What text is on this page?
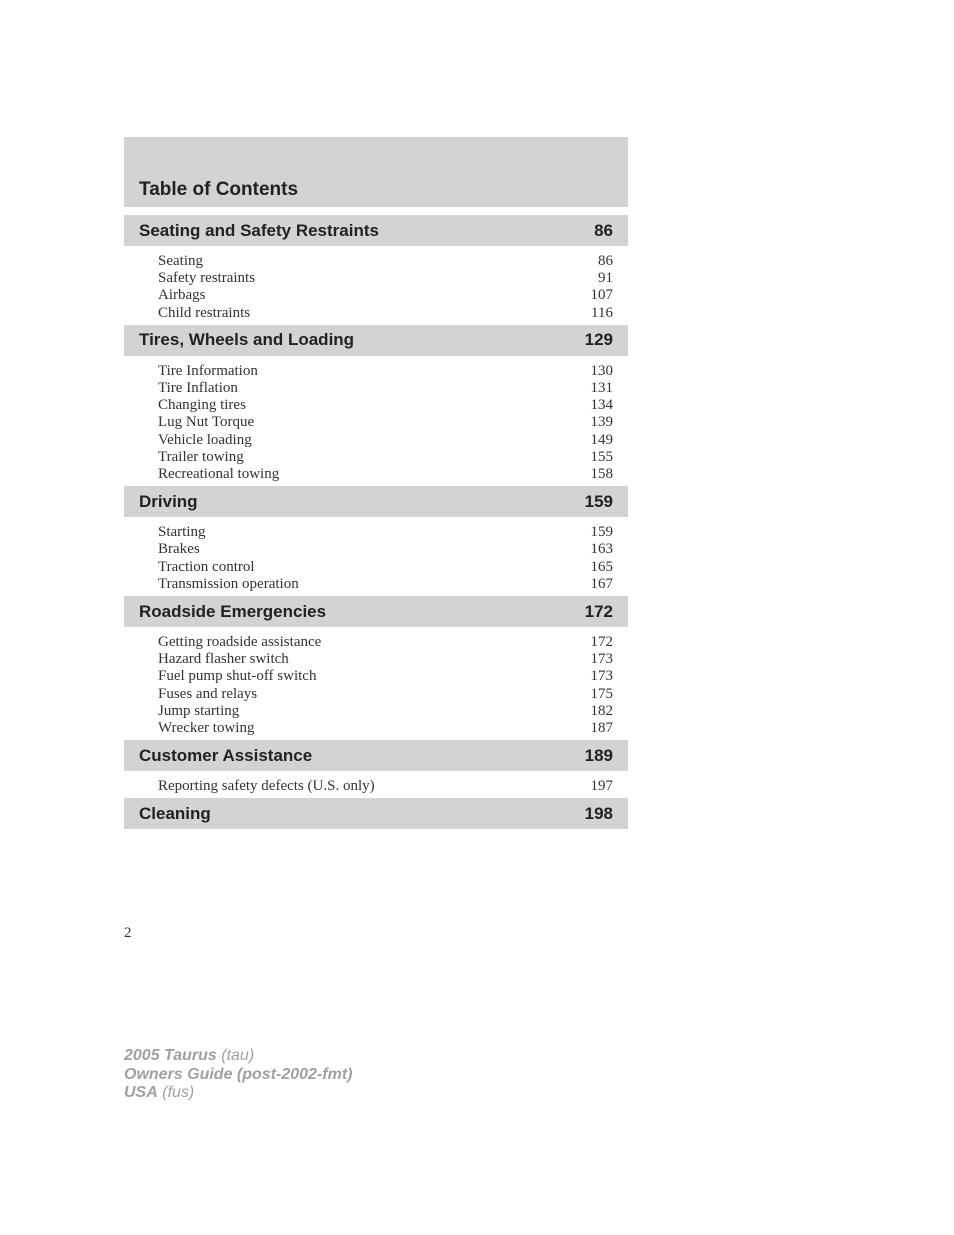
Table of Contents
Seating and Safety Restraints	86
Seating	86
Safety restraints	91
Airbags	107
Child restraints	116
Tires, Wheels and Loading	129
Tire Information	130
Tire Inflation	131
Changing tires	134
Lug Nut Torque	139
Vehicle loading	149
Trailer towing	155
Recreational towing	158
Driving	159
Starting	159
Brakes	163
Traction control	165
Transmission operation	167
Roadside Emergencies	172
Getting roadside assistance	172
Hazard flasher switch	173
Fuel pump shut-off switch	173
Fuses and relays	175
Jump starting	182
Wrecker towing	187
Customer Assistance	189
Reporting safety defects (U.S. only)	197
Cleaning	198
2
2005 Taurus (tau)
Owners Guide (post-2002-fmt)
USA (fus)
